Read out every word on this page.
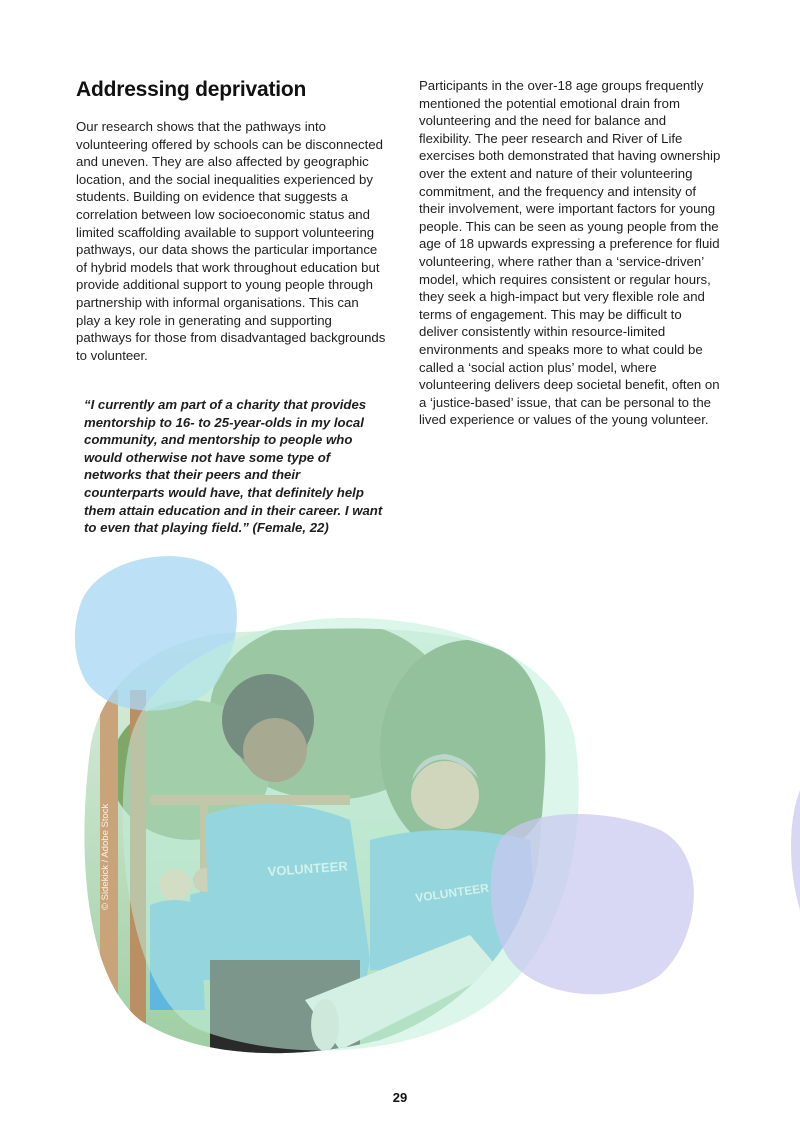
Addressing deprivation

Our research shows that the pathways into volunteering offered by schools can be disconnected and uneven. They are also affected by geographic location, and the social inequalities experienced by students. Building on evidence that suggests a correlation between low socioeconomic status and limited scaffolding available to support volunteering pathways, our data shows the particular importance of hybrid models that work throughout education but provide additional support to young people through partnership with informal organisations. This can play a key role in generating and supporting pathways for those from disadvantaged backgrounds to volunteer.

“I currently am part of a charity that provides mentorship to 16- to 25-year-olds in my local community, and mentorship to people who would otherwise not have some type of networks that their peers and their counterparts would have, that definitely help them attain education and in their career. I want to even that playing field.” (Female, 22)

Participants in the over-18 age groups frequently mentioned the potential emotional drain from volunteering and the need for balance and flexibility. The peer research and River of Life exercises both demonstrated that having ownership over the extent and nature of their volunteering commitment, and the frequency and intensity of their involvement, were important factors for young people. This can be seen as young people from the age of 18 upwards expressing a preference for fluid volunteering, where rather than a ‘service-driven’ model, which requires consistent or regular hours, they seek a high-impact but very flexible role and terms of engagement. This may be difficult to deliver consistently within resource-limited environments and speaks more to what could be called a ‘social action plus’ model, where volunteering delivers deep societal benefit, often on a ‘justice-based’ issue, that can be personal to the lived experience or values of the young volunteer.

© Sidekick / Adobe Stock
29
